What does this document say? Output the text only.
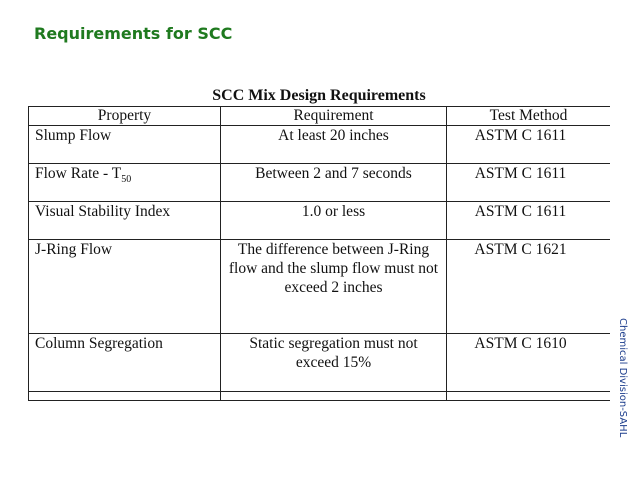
Requirements for SCC
SCC Mix Design Requirements
Property	Requirement	Test Method
Slump Flow	At least 20 inches	ASTM C 1611
Flow Rate - $T_{50}$	Between 2 and 7 seconds	ASTM C 1611
Visual Stability Index	1.0 or less	ASTM C 1611
J-Ring Flow	The difference between J-Ring flow and the slump flow must not exceed 2 inches	ASTM C 1621
Column Segregation	Static segregation must not exceed 15%	ASTM C 1610
			Chemical Division-SAHL
